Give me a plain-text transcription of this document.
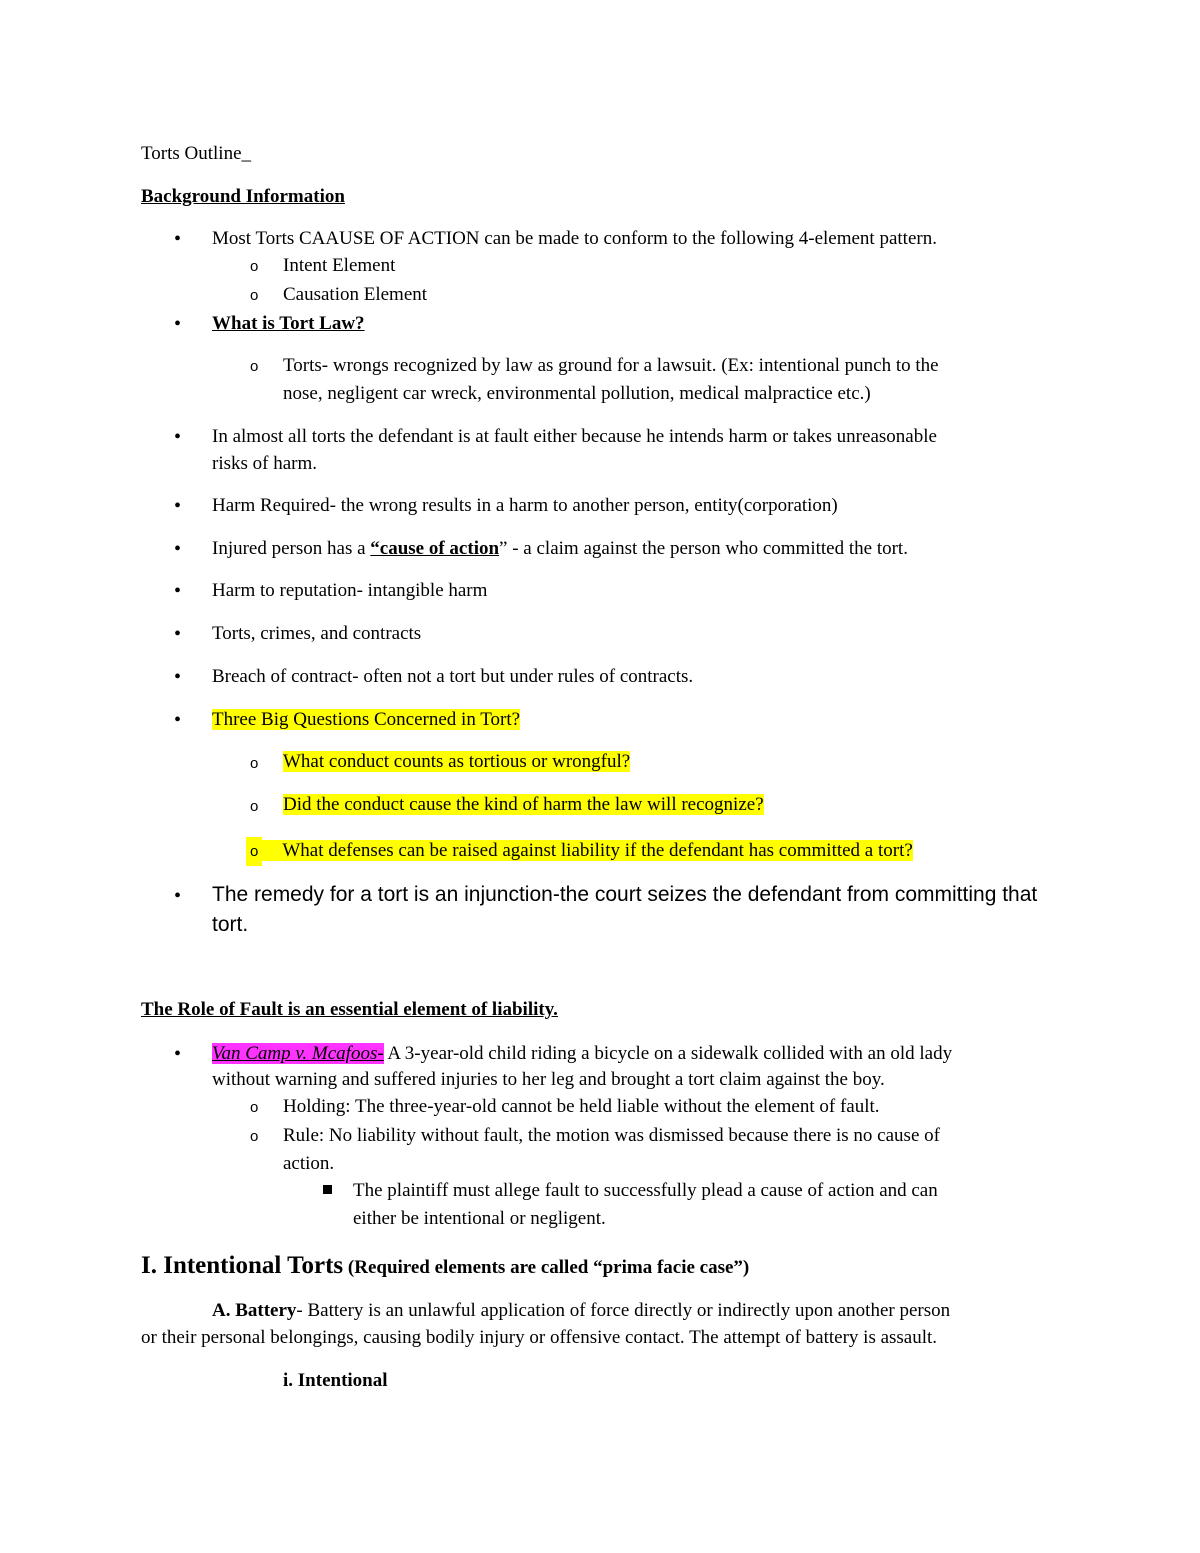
Torts Outline_
Background Information
• Most Torts CAAUSE OF ACTION can be made to conform to the following 4-element pattern.
o Intent Element
o Causation Element
• What is Tort Law?
o Torts- wrongs recognized by law as ground for a lawsuit. (Ex: intentional punch to the
nose, negligent car wreck, environmental pollution, medical malpractice etc.)
• In almost all torts the defendant is at fault either because he intends harm or takes unreasonable
risks of harm.
• Harm Required- the wrong results in a harm to another person, entity(corporation)
• Injured person has a “cause of action” - a claim against the person who committed the tort.
• Harm to reputation- intangible harm
• Torts, crimes, and contracts
• Breach of contract- often not a tort but under rules of contracts.
• Three Big Questions Concerned in Tort?
o What conduct counts as tortious or wrongful?
o Did the conduct cause the kind of harm the law will recognize?
o What defenses can be raised against liability if the defendant has committed a tort?
• The remedy for a tort is an injunction-the court seizes the defendant from committing that
tort.
The Role of Fault is an essential element of liability.
• Van Camp v. Mcafoos- A 3-year-old child riding a bicycle on a sidewalk collided with an old lady
without warning and suffered injuries to her leg and brought a tort claim against the boy.
o Holding: The three-year-old cannot be held liable without the element of fault.
o Rule: No liability without fault, the motion was dismissed because there is no cause of
action.
The plaintiff must allege fault to successfully plead a cause of action and can
either be intentional or negligent.
I. Intentional Torts (Required elements are called “prima facie case”)
A. Battery- Battery is an unlawful application of force directly or indirectly upon another person
or their personal belongings, causing bodily injury or offensive contact. The attempt of battery is assault.
i. Intentional
